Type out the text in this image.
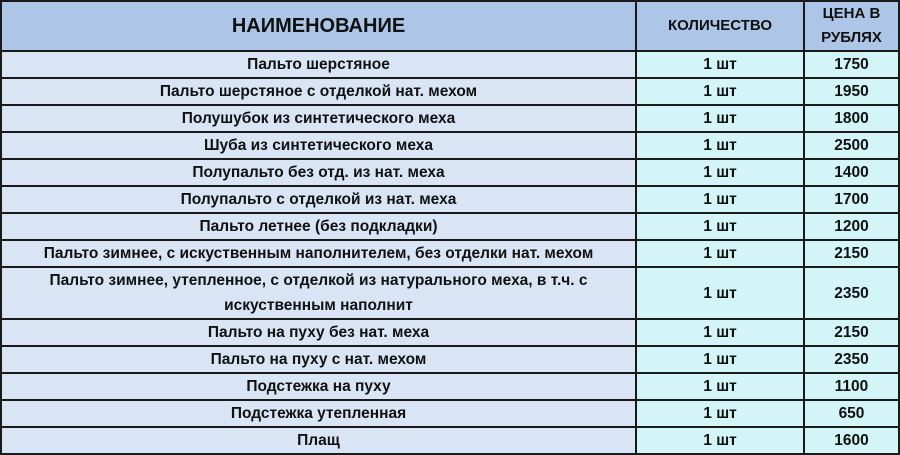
НАИМЕНОВАНИЕ	КОЛИЧЕСТВО	ЦЕНА В РУБЛЯХ
Пальто шерстяное	1 шт	1750
Пальто шерстяное с отделкой нат. мехом	1 шт	1950
Полушубок из синтетического меха	1 шт	1800
Шуба из синтетического меха	1 шт	2500
Полупальто без отд. из нат. меха	1 шт	1400
Полупальто с отделкой из нат. меха	1 шт	1700
Пальто летнее (без подкладки)	1 шт	1200
Пальто зимнее, с искуственным наполнителем, без отделки нат. мехом	1 шт	2150
Пальто зимнее, утепленное, с отделкой из натурального меха, в т.ч. с искуственным наполнит	1 шт	2350
Пальто на пуху без нат. меха	1 шт	2150
Пальто на пуху с нат. мехом	1 шт	2350
Подстежка на пуху	1 шт	1100
Подстежка утепленная	1 шт	650
Плащ	1 шт	1600
